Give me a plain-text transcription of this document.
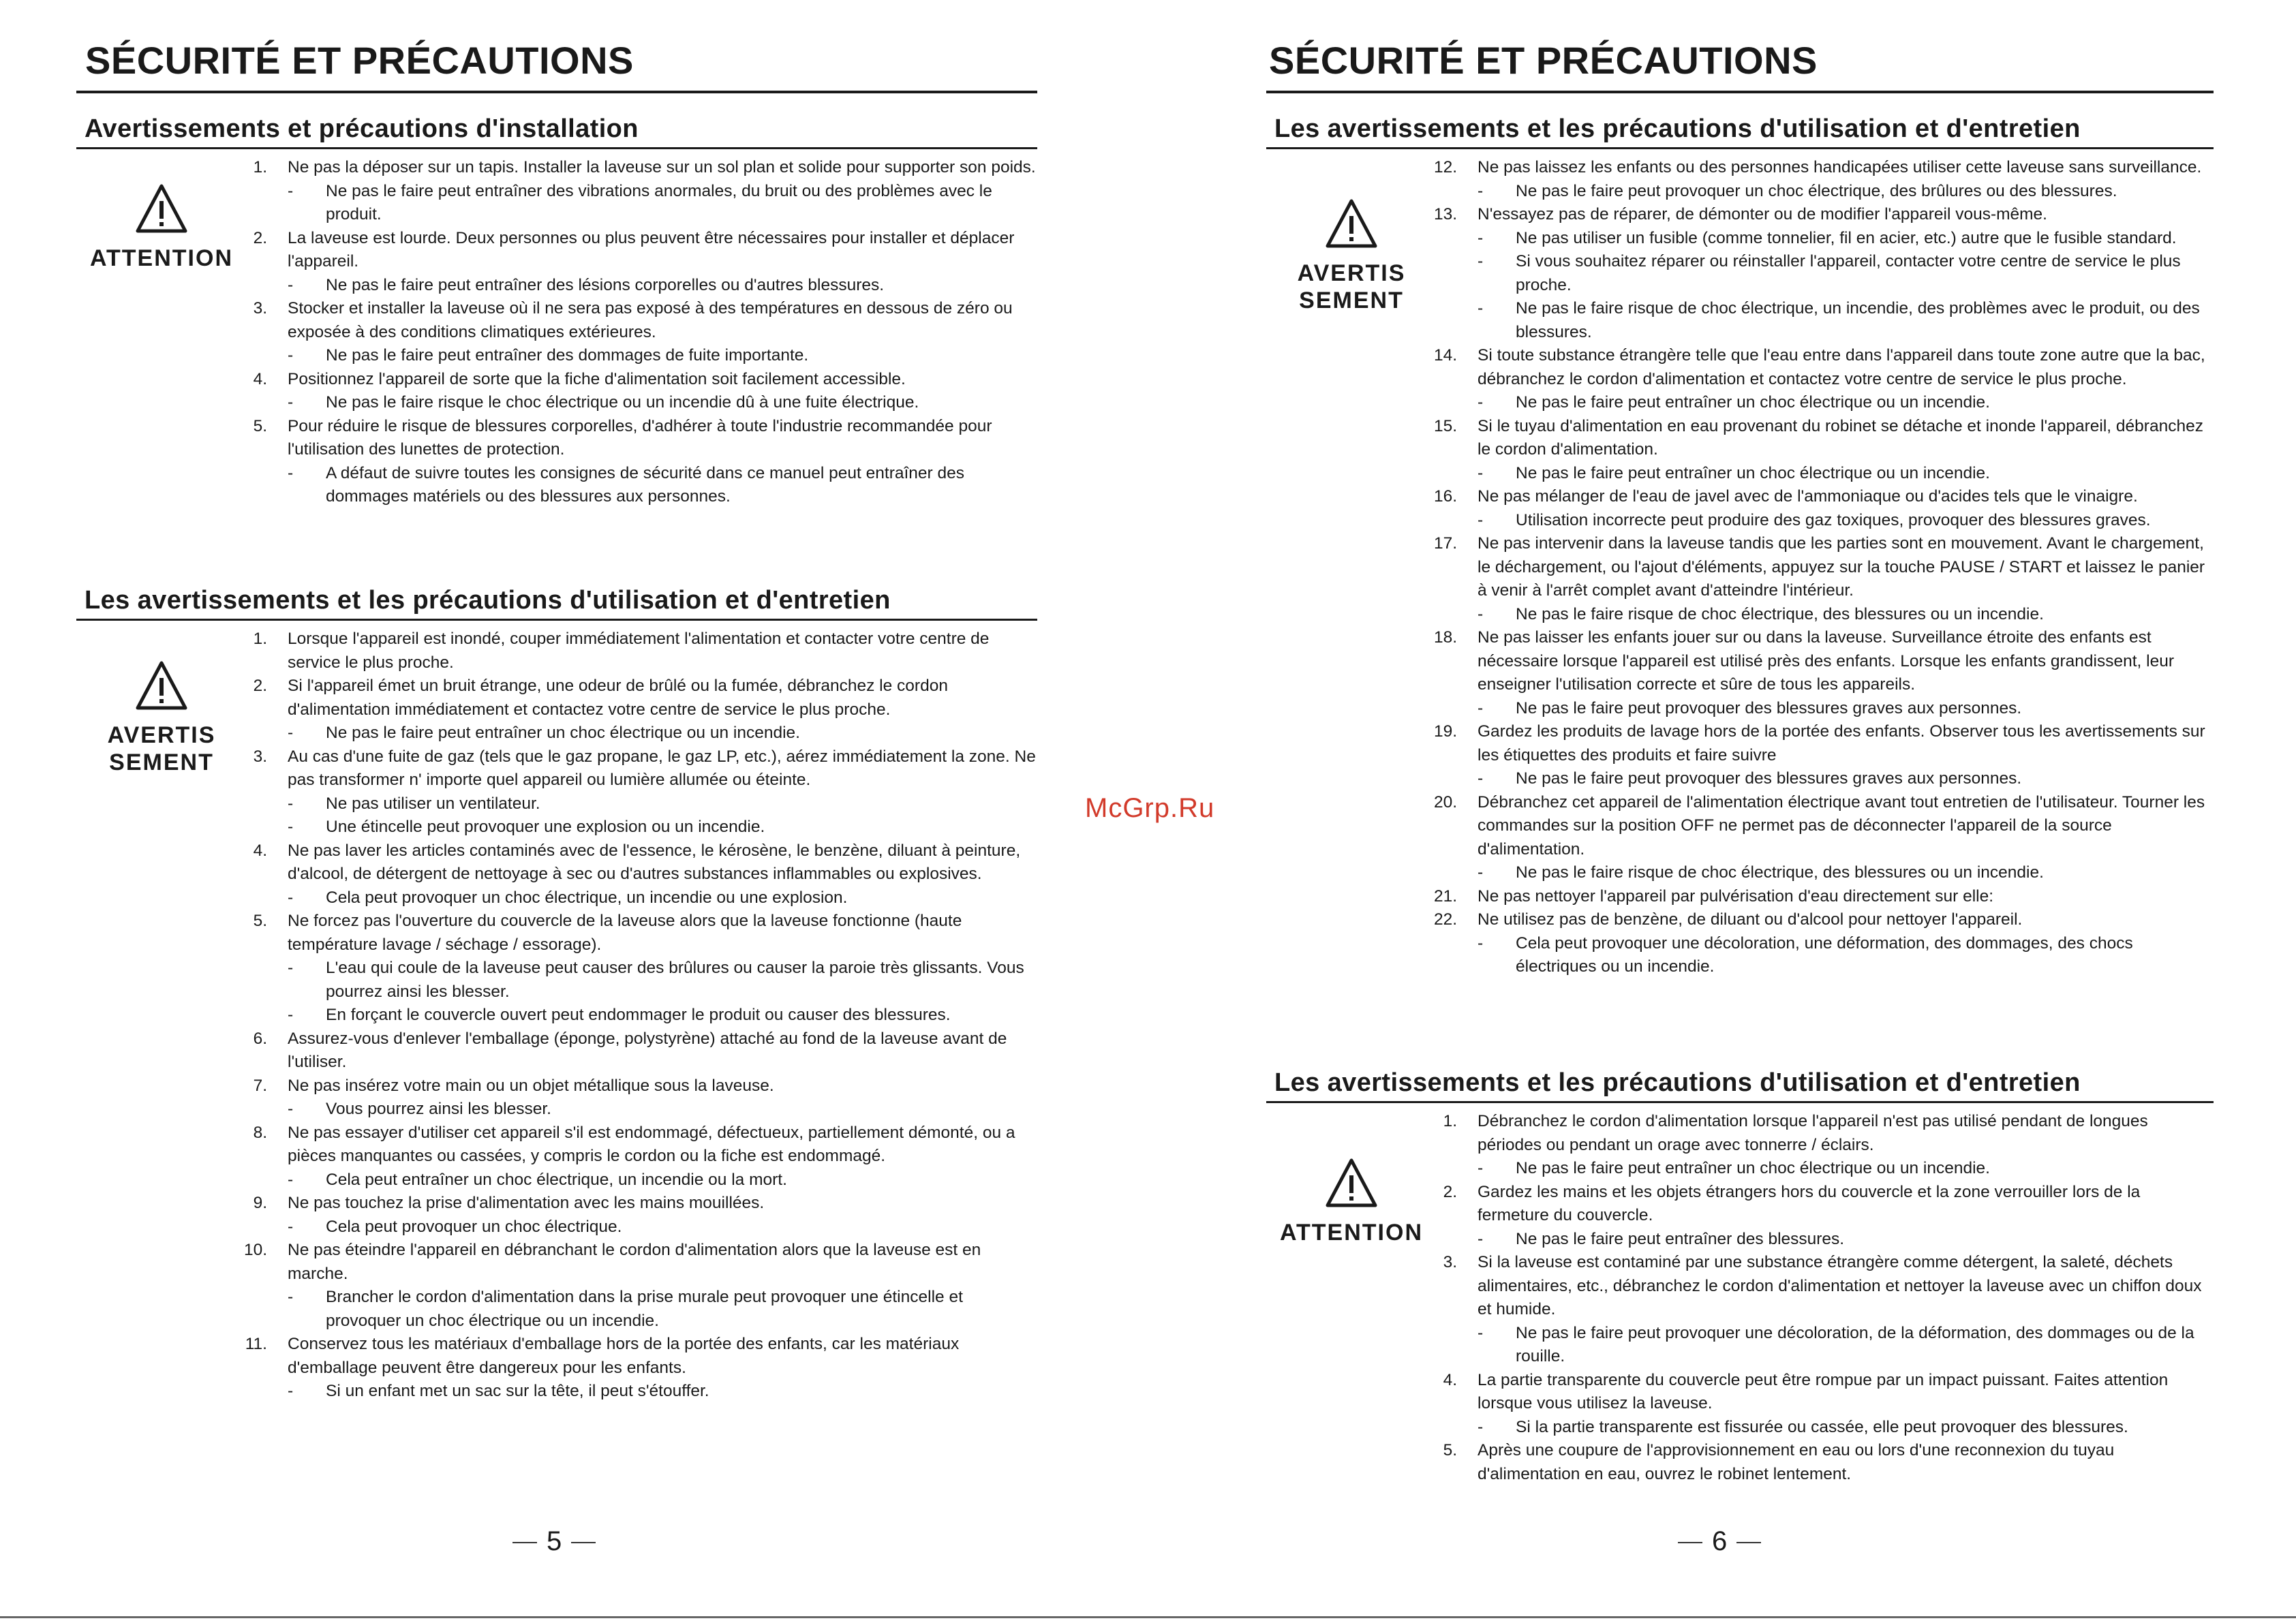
SÉCURITÉ ET PRÉCAUTIONS
Avertissements et précautions d'installation
ATTENTION
1. Ne pas la déposer sur un tapis. Installer la laveuse sur un sol plan et solide pour supporter son poids.
- Ne pas le faire peut entraîner des vibrations anormales, du bruit ou des problèmes avec le produit.
2. La laveuse est lourde. Deux personnes ou plus peuvent être nécessaires pour installer et déplacer l'appareil.
- Ne pas le faire peut entraîner des lésions corporelles ou d'autres blessures.
3. Stocker et installer la laveuse où il ne sera pas exposé à des températures en dessous de zéro ou exposée à des conditions climatiques extérieures.
- Ne pas le faire peut entraîner des dommages de fuite importante.
4. Positionnez l'appareil de sorte que la fiche d'alimentation soit facilement accessible.
- Ne pas le faire risque le choc électrique ou un incendie dû à une fuite électrique.
5. Pour réduire le risque de blessures corporelles, d'adhérer à toute l'industrie recommandée pour l'utilisation des lunettes de protection.
- A défaut de suivre toutes les consignes de sécurité dans ce manuel peut entraîner des dommages matériels ou des blessures aux personnes.
Les avertissements et les précautions d'utilisation et d'entretien
AVERTIS
SEMENT
1. Lorsque l'appareil est inondé, couper immédiatement l'alimentation et contacter votre centre de service le plus proche.
2. Si l'appareil émet un bruit étrange, une odeur de brûlé ou la fumée, débranchez le cordon d'alimentation immédiatement et contactez votre centre de service le plus proche.
- Ne pas le faire peut entraîner un choc électrique ou un incendie.
3. Au cas d'une fuite de gaz (tels que le gaz propane, le gaz LP, etc.), aérez immédiatement la zone. Ne pas transformer n' importe quel appareil ou lumière allumée ou éteinte.
- Ne pas utiliser un ventilateur.
- Une étincelle peut provoquer une explosion ou un incendie.
4. Ne pas laver les articles contaminés avec de l'essence, le kérosène, le benzène, diluant à peinture, d'alcool, de détergent de nettoyage à sec ou d'autres substances inflammables ou explosives.
- Cela peut provoquer un choc électrique, un incendie ou une explosion.
5. Ne forcez pas l'ouverture du couvercle de la laveuse alors que la laveuse fonctionne (haute température lavage / séchage / essorage).
- L'eau qui coule de la laveuse peut causer des brûlures ou causer la paroie très glissants. Vous pourrez ainsi les blesser.
- En forçant le couvercle ouvert peut endommager le produit ou causer des blessures.
6. Assurez-vous d'enlever l'emballage (éponge, polystyrène) attaché au fond de la laveuse avant de l'utiliser.
7. Ne pas insérez votre main ou un objet métallique sous la laveuse.
- Vous pourrez ainsi les blesser.
8. Ne pas essayer d'utiliser cet appareil s'il est endommagé, défectueux, partiellement démonté, ou a pièces manquantes ou cassées, y compris le cordon ou la fiche est endommagé.
- Cela peut entraîner un choc électrique, un incendie ou la mort.
9. Ne pas touchez la prise d'alimentation avec les mains mouillées.
- Cela peut provoquer un choc électrique.
10. Ne pas éteindre l'appareil en débranchant le cordon d'alimentation alors que la laveuse est en marche.
- Brancher le cordon d'alimentation dans la prise murale peut provoquer une étincelle et provoquer un choc électrique ou un incendie.
11. Conservez tous les matériaux d'emballage hors de la portée des enfants, car les matériaux d'emballage peuvent être dangereux pour les enfants.
- Si un enfant met un sac sur la tête, il peut s'étouffer.
5
SÉCURITÉ ET PRÉCAUTIONS
Les avertissements et les précautions d'utilisation et d'entretien
AVERTIS
SEMENT
12. Ne pas laissez les enfants ou des personnes handicapées utiliser cette laveuse sans surveillance.
- Ne pas le faire peut provoquer un choc électrique, des brûlures ou des blessures.
13. N'essayez pas de réparer, de démonter ou de modifier l'appareil vous-même.
- Ne pas utiliser un fusible (comme tonnelier, fil en acier, etc.) autre que le fusible standard.
- Si vous souhaitez réparer ou réinstaller l'appareil, contacter votre centre de service le plus proche.
- Ne pas le faire risque de choc électrique, un incendie, des problèmes avec le produit, ou des blessures.
14. Si toute substance étrangère telle que l'eau entre dans l'appareil dans toute zone autre que la bac, débranchez le cordon d'alimentation et contactez votre centre de service le plus proche.
- Ne pas le faire peut entraîner un choc électrique ou un incendie.
15. Si le tuyau d'alimentation en eau provenant du robinet se détache et inonde l'appareil, débranchez le cordon d'alimentation.
- Ne pas le faire peut entraîner un choc électrique ou un incendie.
16. Ne pas mélanger de l'eau de javel avec de l'ammoniaque ou d'acides tels que le vinaigre.
- Utilisation incorrecte peut produire des gaz toxiques, provoquer des blessures graves.
17. Ne pas intervenir dans la laveuse tandis que les parties sont en mouvement. Avant le chargement, le déchargement, ou l'ajout d'éléments, appuyez sur la touche PAUSE / START et laissez le panier à venir à l'arrêt complet avant d'atteindre l'intérieur.
- Ne pas le faire risque de choc électrique, des blessures ou un incendie.
18. Ne pas laisser les enfants jouer sur ou dans la laveuse. Surveillance étroite des enfants est nécessaire lorsque l'appareil est utilisé près des enfants. Lorsque les enfants grandissent, leur enseigner l'utilisation correcte et sûre de tous les appareils.
- Ne pas le faire peut provoquer des blessures graves aux personnes.
19. Gardez les produits de lavage hors de la portée des enfants. Observer tous les avertissements sur les étiquettes des produits et faire suivre
- Ne pas le faire peut provoquer des blessures graves aux personnes.
20. Débranchez cet appareil de l'alimentation électrique avant tout entretien de l'utilisateur. Tourner les commandes sur la position OFF ne permet pas de déconnecter l'appareil de la source d'alimentation.
- Ne pas le faire risque de choc électrique, des blessures ou un incendie.
21. Ne pas nettoyer l'appareil par pulvérisation d'eau directement sur elle:
22. Ne utilisez pas de benzène, de diluant ou d'alcool pour nettoyer l'appareil.
- Cela peut provoquer une décoloration, une déformation, des dommages, des chocs électriques ou un incendie.
Les avertissements et les précautions d'utilisation et d'entretien
ATTENTION
1. Débranchez le cordon d'alimentation lorsque l'appareil n'est pas utilisé pendant de longues périodes ou pendant un orage avec tonnerre / éclairs.
- Ne pas le faire peut entraîner un choc électrique ou un incendie.
2. Gardez les mains et les objets étrangers hors du couvercle et la zone verrouiller lors de la fermeture du couvercle.
- Ne pas le faire peut entraîner des blessures.
3. Si la laveuse est contaminé par une substance étrangère comme détergent, la saleté, déchets alimentaires, etc., débranchez le cordon d'alimentation et nettoyer la laveuse avec un chiffon doux et humide.
- Ne pas le faire peut provoquer une décoloration, de la déformation, des dommages ou de la rouille.
4. La partie transparente du couvercle peut être rompue par un impact puissant. Faites attention lorsque vous utilisez la laveuse.
- Si la partie transparente est fissurée ou cassée, elle peut provoquer des blessures.
5. Après une coupure de l'approvisionnement en eau ou lors d'une reconnexion du tuyau d'alimentation en eau, ouvrez le robinet lentement.
6
McGrp.Ru
